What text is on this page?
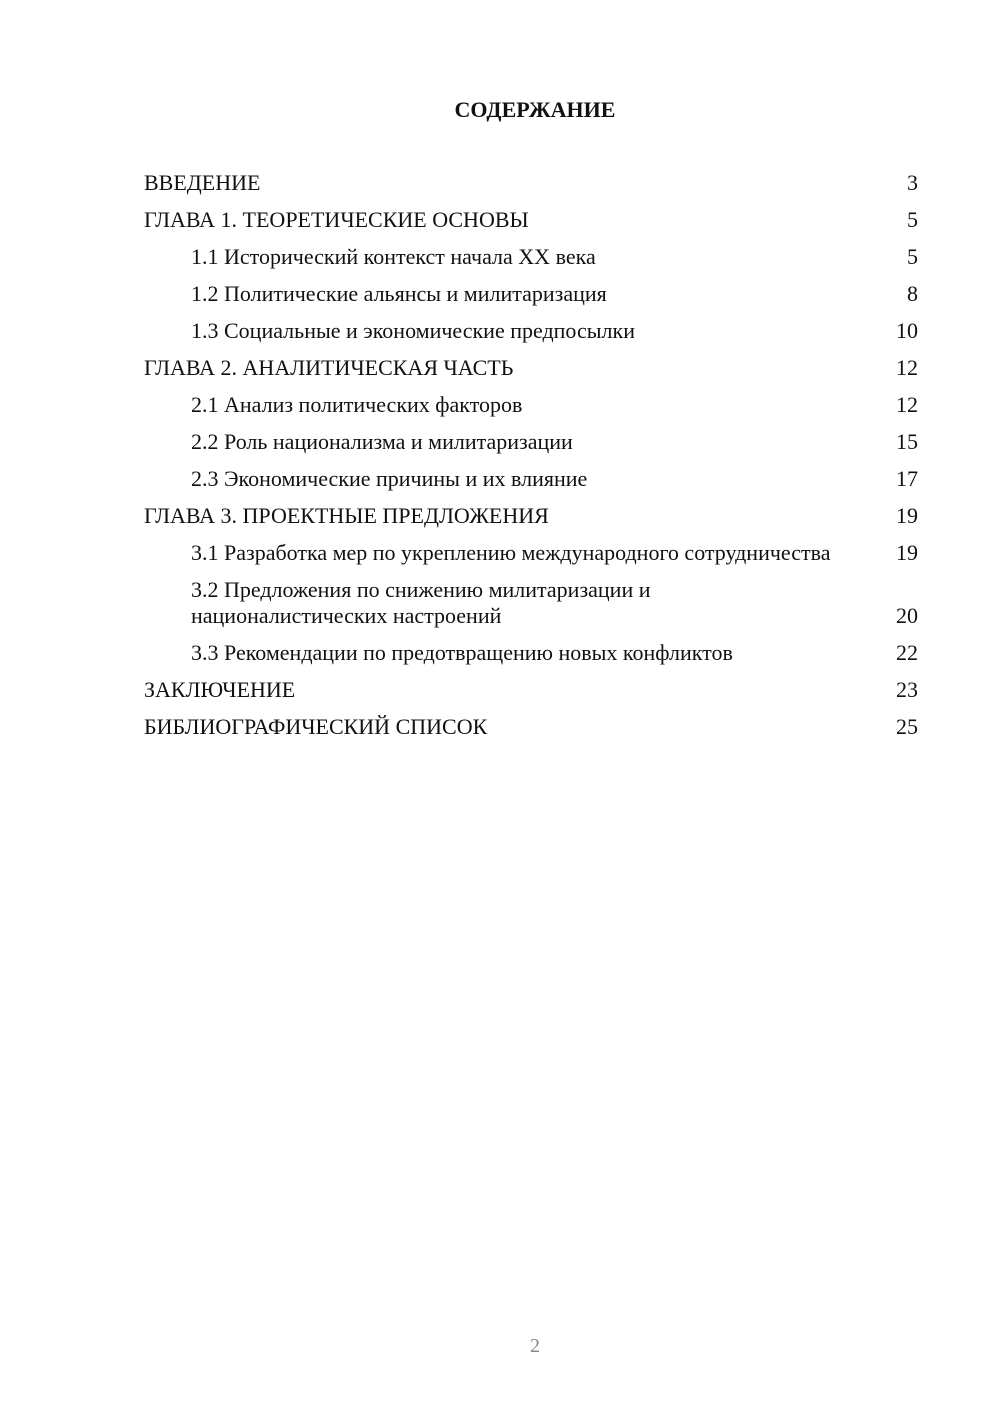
СОДЕРЖАНИЕ
ВВЕДЕНИЕ	3
ГЛАВА 1. ТЕОРЕТИЧЕСКИЕ ОСНОВЫ	5
1.1 Исторический контекст начала XX века	5
1.2 Политические альянсы и милитаризация	8
1.3 Социальные и экономические предпосылки	10
ГЛАВА 2. АНАЛИТИЧЕСКАЯ ЧАСТЬ	12
2.1 Анализ политических факторов	12
2.2 Роль национализма и милитаризации	15
2.3 Экономические причины и их влияние	17
ГЛАВА 3. ПРОЕКТНЫЕ ПРЕДЛОЖЕНИЯ	19
3.1 Разработка мер по укреплению международного сотрудничества	19
3.2 Предложения по снижению милитаризации и националистических настроений	20
3.3 Рекомендации по предотвращению новых конфликтов	22
ЗАКЛЮЧЕНИЕ	23
БИБЛИОГРАФИЧЕСКИЙ СПИСОК	25
2
